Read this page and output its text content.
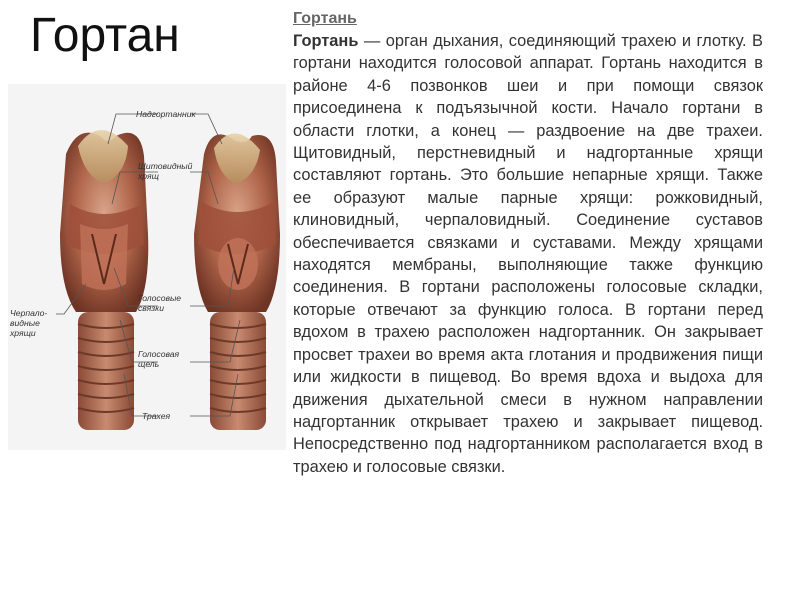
Гортан
Надгортанник
Щитовидный
хрящ
Черпало-
видные
хрящи
Голосовые
связки
Голосовая
щель
Трахея
Гортань
Гортань — орган дыхания, соединяющий трахею и глотку. В гортани находится голосовой аппарат. Гортань находится в районе 4-6 позвонков шеи и при помощи связок присоединена к подъязычной кости. Начало гортани в области глотки, а конец — раздвоение на две трахеи. Щитовидный, перстневидный и надгортанные хрящи составляют гортань. Это большие непарные хрящи. Также ее образуют малые парные хрящи: рожковидный, клиновидный, черпаловидный. Соединение суставов обеспечивается связками и суставами. Между хрящами находятся мембраны, выполняющие также функцию соединения. В гортани расположены голосовые складки, которые отвечают за функцию голоса. В гортани перед вдохом в трахею расположен надгортанник. Он закрывает просвет трахеи во время акта глотания и продвижения пищи или жидкости в пищевод. Во время вдоха и выдоха для движения дыхательной смеси в нужном направлении надгортанник открывает трахею и закрывает пищевод. Непосредственно под надгортанником располагается вход в трахею и голосовые связки.
